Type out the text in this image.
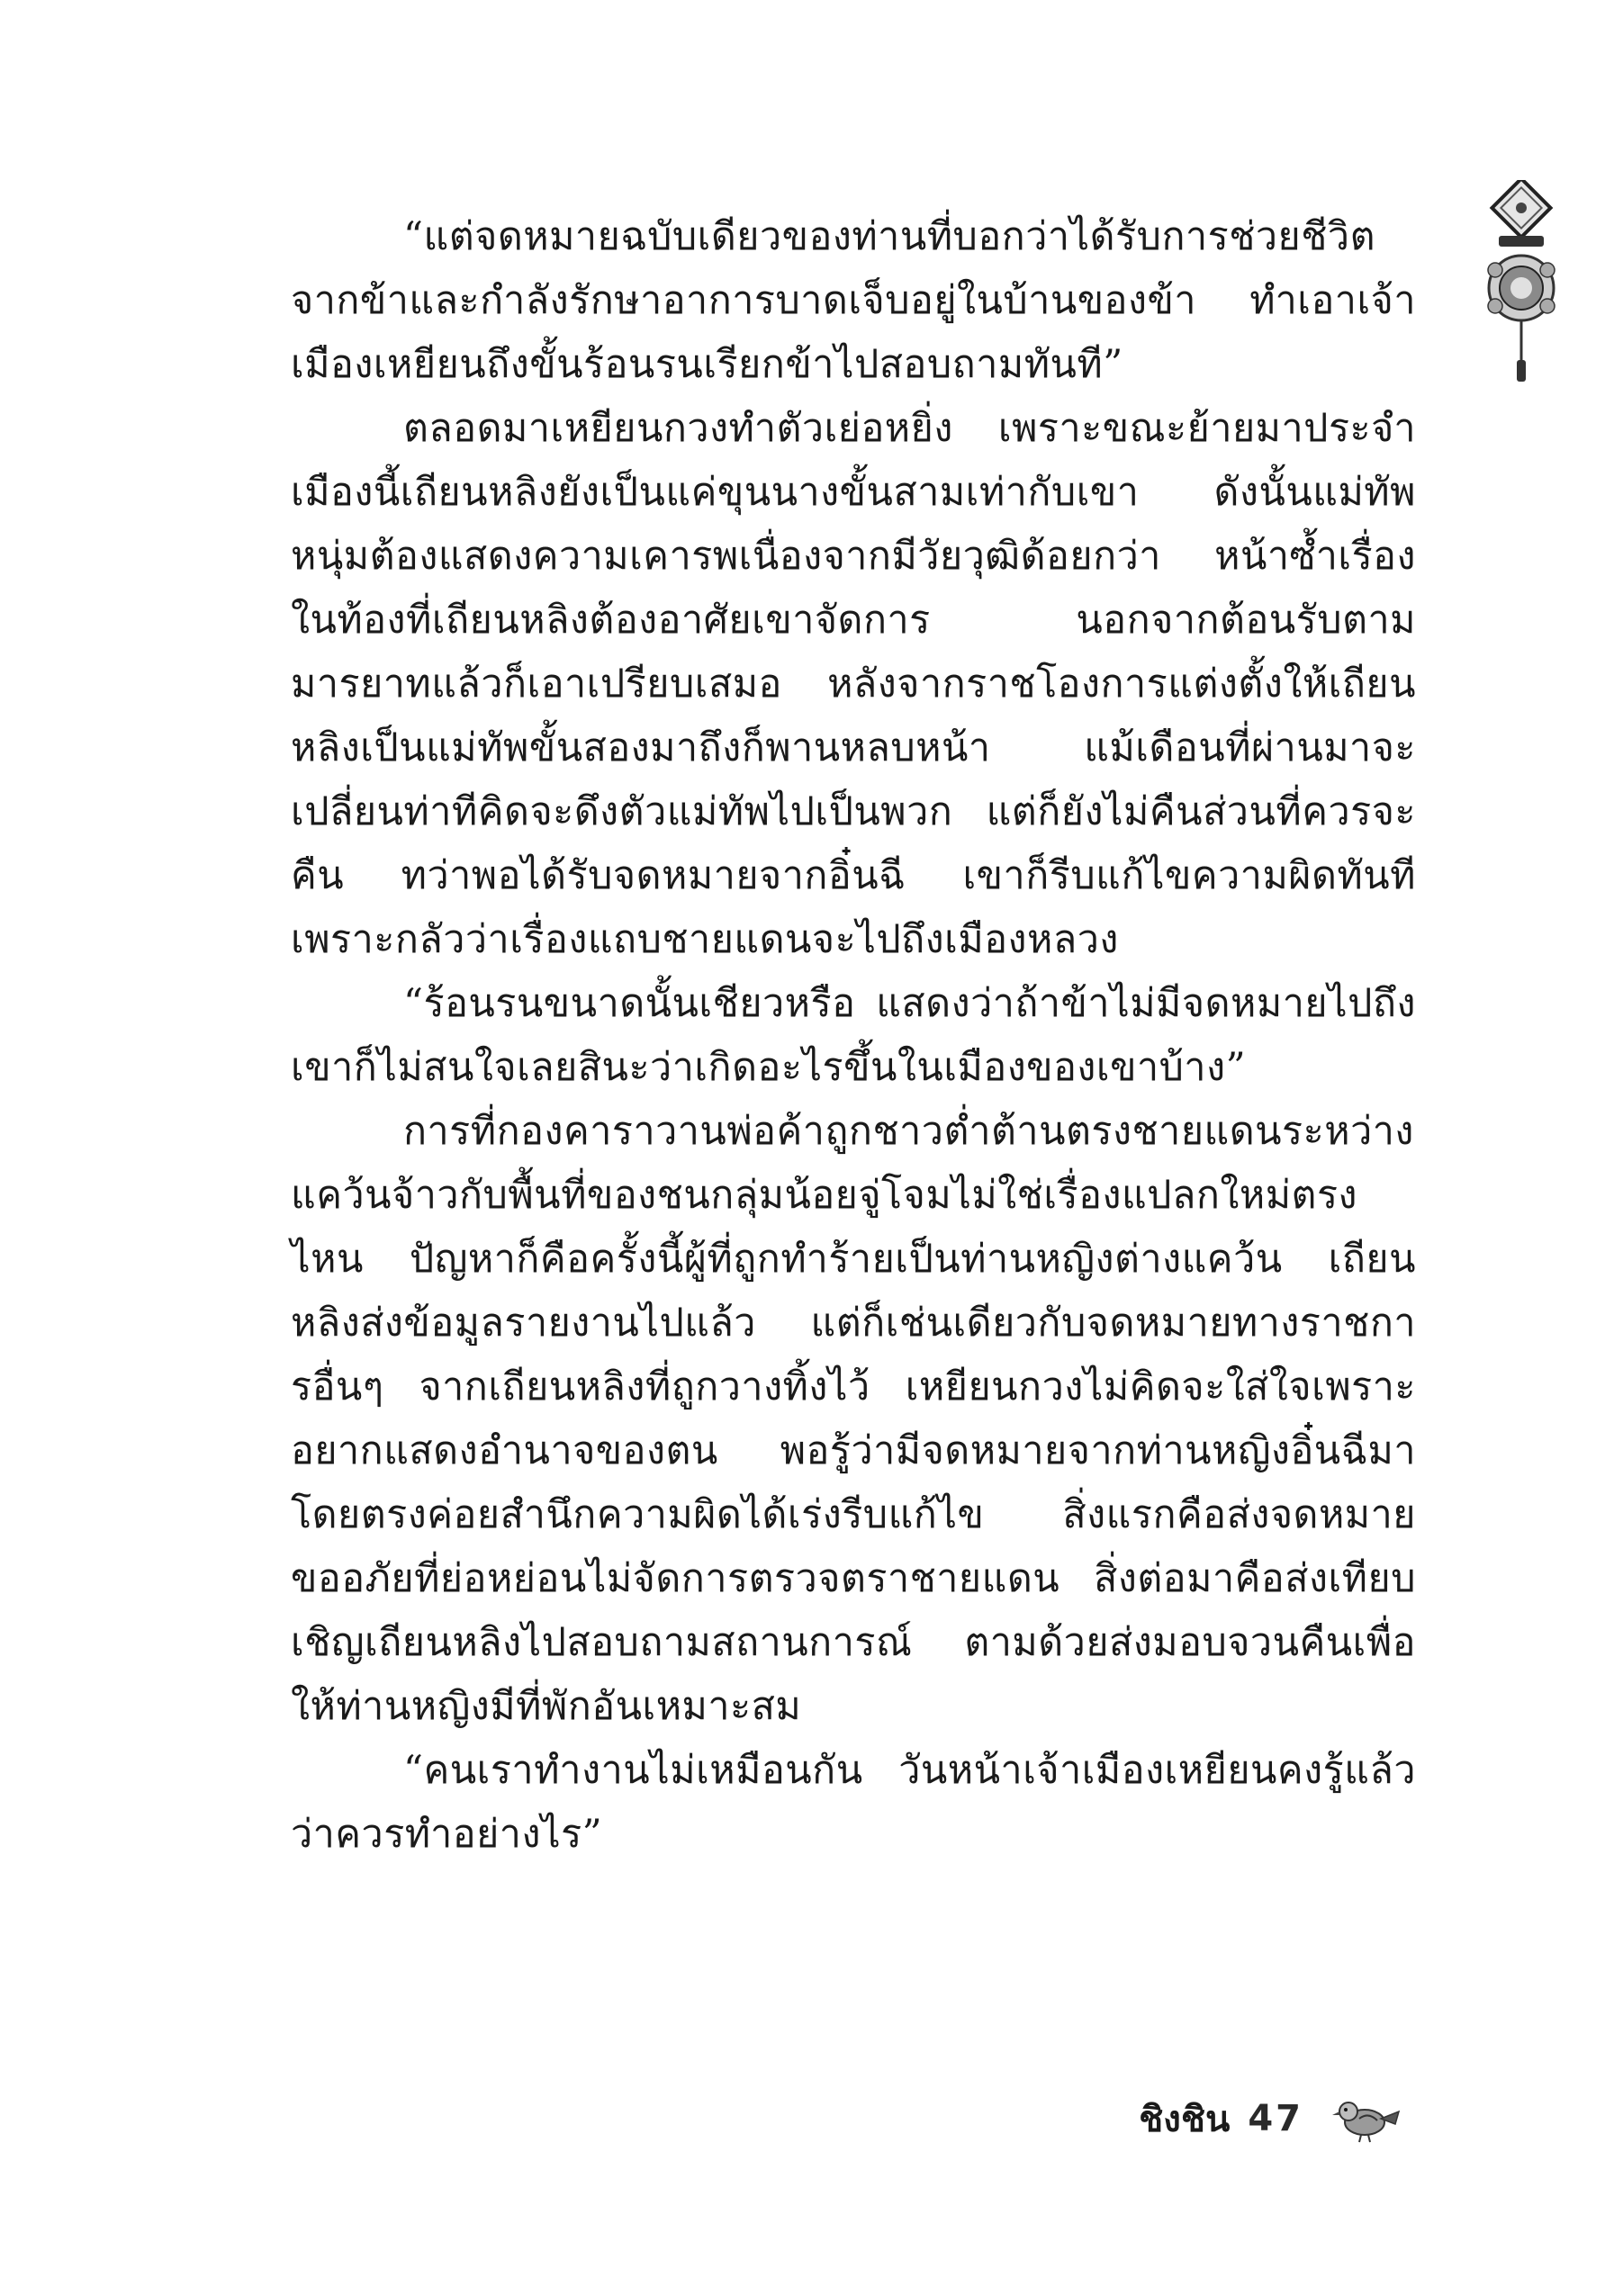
“แต่จดหมายฉบับเดียวของท่านที่บอกว่าได้รับการช่วยชีวิตจากข้าและกำลังรักษาอาการบาดเจ็บอยู่ในบ้านของข้า ทำเอาเจ้าเมืองเหยียนถึงขั้นร้อนรนเรียกข้าไปสอบถามทันที”

ตลอดมาเหยียนกวงทำตัวเย่อหยิ่ง เพราะขณะย้ายมาประจำเมืองนี้เถียนหลิงยังเป็นแค่ขุนนางขั้นสามเท่ากับเขา ดังนั้นแม่ทัพหนุ่มต้องแสดงความเคารพเนื่องจากมีวัยวุฒิด้อยกว่า หน้าซ้ำเรื่องในท้องที่เถียนหลิงต้องอาศัยเขาจัดการ นอกจากต้อนรับตามมารยาทแล้วก็เอาเปรียบเสมอ หลังจากราชโองการแต่งตั้งให้เถียนหลิงเป็นแม่ทัพขั้นสองมาถึงก็พานหลบหน้า แม้เดือนที่ผ่านมาจะเปลี่ยนท่าทีคิดจะดึงตัวแม่ทัพไปเป็นพวก แต่ก็ยังไม่คืนส่วนที่ควรจะคืน ทว่าพอได้รับจดหมายจากอิ๋นฉี เขาก็รีบแก้ไขความผิดทันทีเพราะกลัวว่าเรื่องแถบชายแดนจะไปถึงเมืองหลวง

“ร้อนรนขนาดนั้นเชียวหรือ แสดงว่าถ้าข้าไม่มีจดหมายไปถึง เขาก็ไม่สนใจเลยสินะว่าเกิดอะไรขึ้นในเมืองของเขาบ้าง”

การที่กองคาราวานพ่อค้าถูกชาวต่ำต้านตรงชายแดนระหว่างแคว้นจ้าวกับพื้นที่ของชนกลุ่มน้อยจู่โจมไม่ใช่เรื่องแปลกใหม่ตรงไหน ปัญหาก็คือครั้งนี้ผู้ที่ถูกทำร้ายเป็นท่านหญิงต่างแคว้น เถียนหลิงส่งข้อมูลรายงานไปแล้ว แต่ก็เช่นเดียวกับจดหมายทางราชการอื่นๆ จากเถียนหลิงที่ถูกวางทิ้งไว้ เหยียนกวงไม่คิดจะใส่ใจเพราะอยากแสดงอำนาจของตน พอรู้ว่ามีจดหมายจากท่านหญิงอิ๋นฉีมาโดยตรงค่อยสำนึกความผิดได้เร่งรีบแก้ไข สิ่งแรกคือส่งจดหมายขออภัยที่ย่อหย่อนไม่จัดการตรวจตราชายแดน สิ่งต่อมาคือส่งเทียบเชิญเถียนหลิงไปสอบถามสถานการณ์ ตามด้วยส่งมอบจวนคืนเพื่อให้ท่านหญิงมีที่พักอันเหมาะสม

“คนเราทำงานไม่เหมือนกัน วันหน้าเจ้าเมืองเหยียนคงรู้แล้วว่าควรทำอย่างไร”

ชิงชิน 47
